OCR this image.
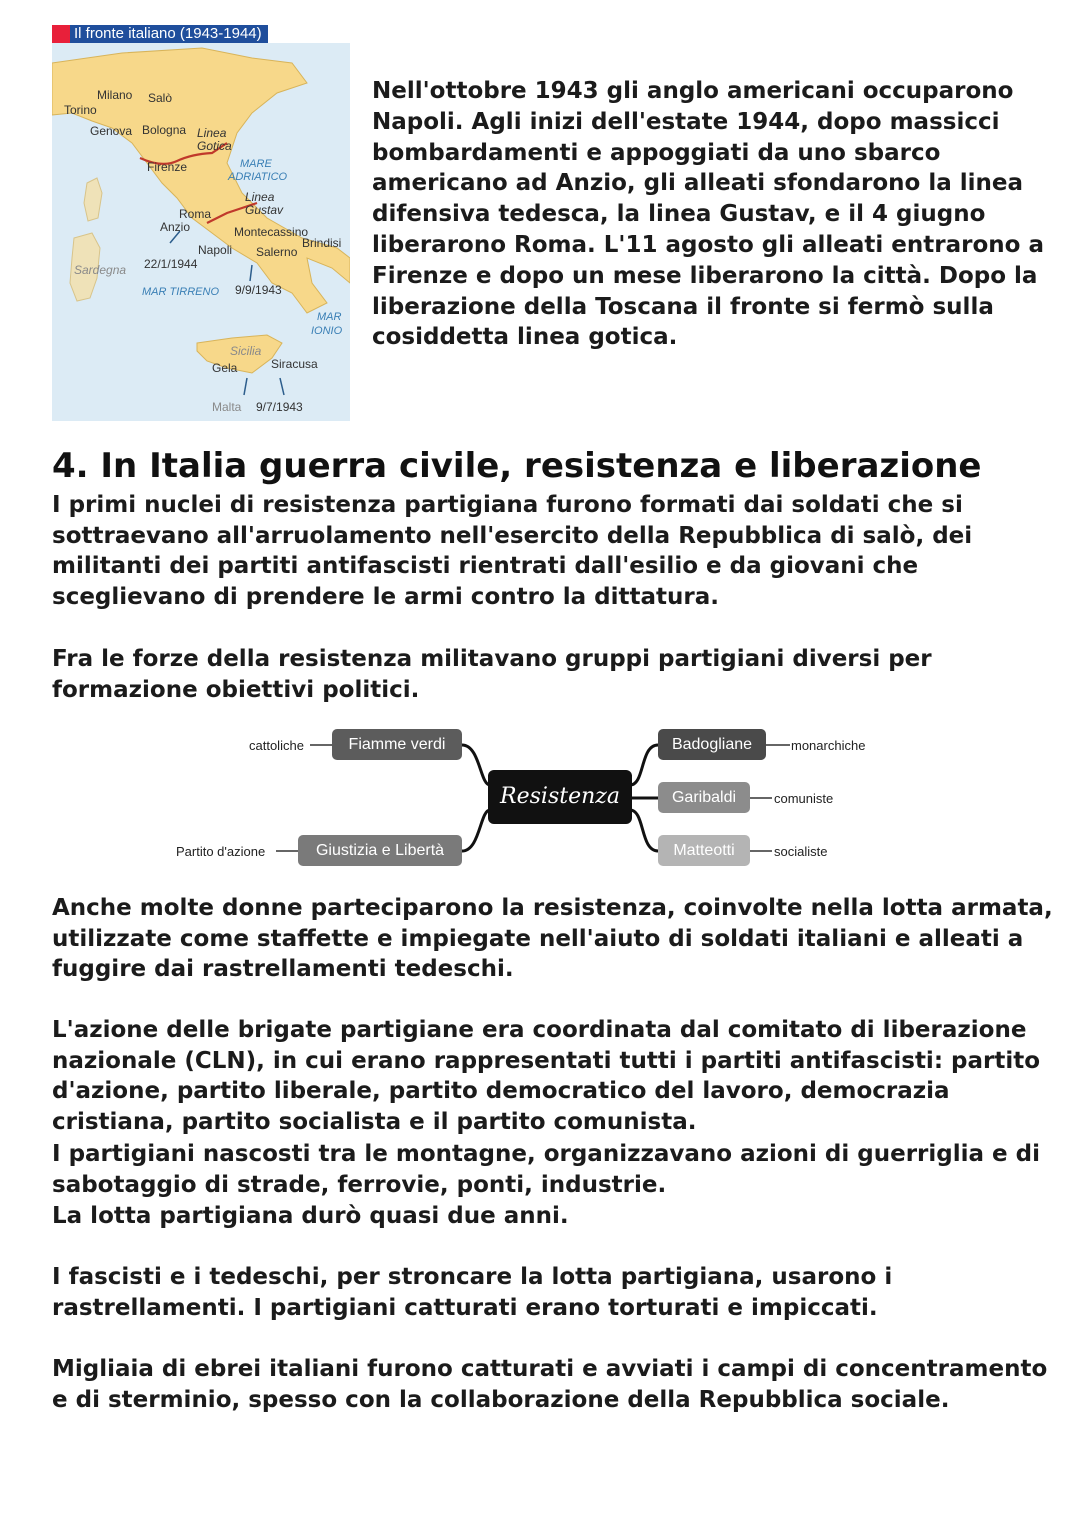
Il fronte italiano (1943-1944)
Milano Salò
Torino
Genova Bologna Linea
Gotica
Firenze	MARE
ADRIATICO
Linea
Gustav
Roma
Anzio	Montecassino
Napoli Salerno
Brindisi
Sardegna 22/1/1944
MAR TIRRENO 9/9/1943
MAR
IONIO
Sicilia
Gela	Siracusa
Malta 9/7/1943
Nell'ottobre 1943 gli anglo americani occuparono Napoli. Agli inizi dell'estate 1944, dopo massicci bombardamenti e appoggiati da uno sbarco americano ad Anzio, gli alleati sfondarono la linea difensiva tedesca, la linea Gustav, e il 4 giugno liberarono Roma. L'11 agosto gli alleati entrarono a Firenze e dopo un mese liberarono la città. Dopo la liberazione della Toscana il fronte si fermò sulla cosiddetta linea gotica.
4. In Italia guerra civile, resistenza e liberazione
I primi nuclei di resistenza partigiana furono formati dai soldati che si sottraevano all'arruolamento nell'esercito della Repubblica di salò, dei militanti dei partiti antifascisti rientrati dall'esilio e da giovani che sceglievano di prendere le armi contro la dittatura.
Fra le forze della resistenza militavano gruppi partigiani diversi per formazione obiettivi politici.
Resistenza
Fiamme verdi
cattoliche
Giustizia e Libertà
Partito d'azione
Badogliane	monarchiche
Garibaldi	comuniste
Matteotti	socialiste
Anche molte donne parteciparono la resistenza, coinvolte nella lotta armata, utilizzate come staffette e impiegate nell'aiuto di soldati italiani e alleati a fuggire dai rastrellamenti tedeschi.
L'azione delle brigate partigiane era coordinata dal comitato di liberazione nazionale (CLN), in cui erano rappresentati tutti i partiti antifascisti: partito d'azione, partito liberale, partito democratico del lavoro, democrazia cristiana, partito socialista e il partito comunista.
I partigiani nascosti tra le montagne, organizzavano azioni di guerriglia e di sabotaggio di strade, ferrovie, ponti, industrie.
La lotta partigiana durò quasi due anni.
I fascisti e i tedeschi, per stroncare la lotta partigiana, usarono i rastrellamenti. I partigiani catturati erano torturati e impiccati.
Migliaia di ebrei italiani furono catturati e avviati i campi di concentramento e di sterminio, spesso con la collaborazione della Repubblica sociale.
